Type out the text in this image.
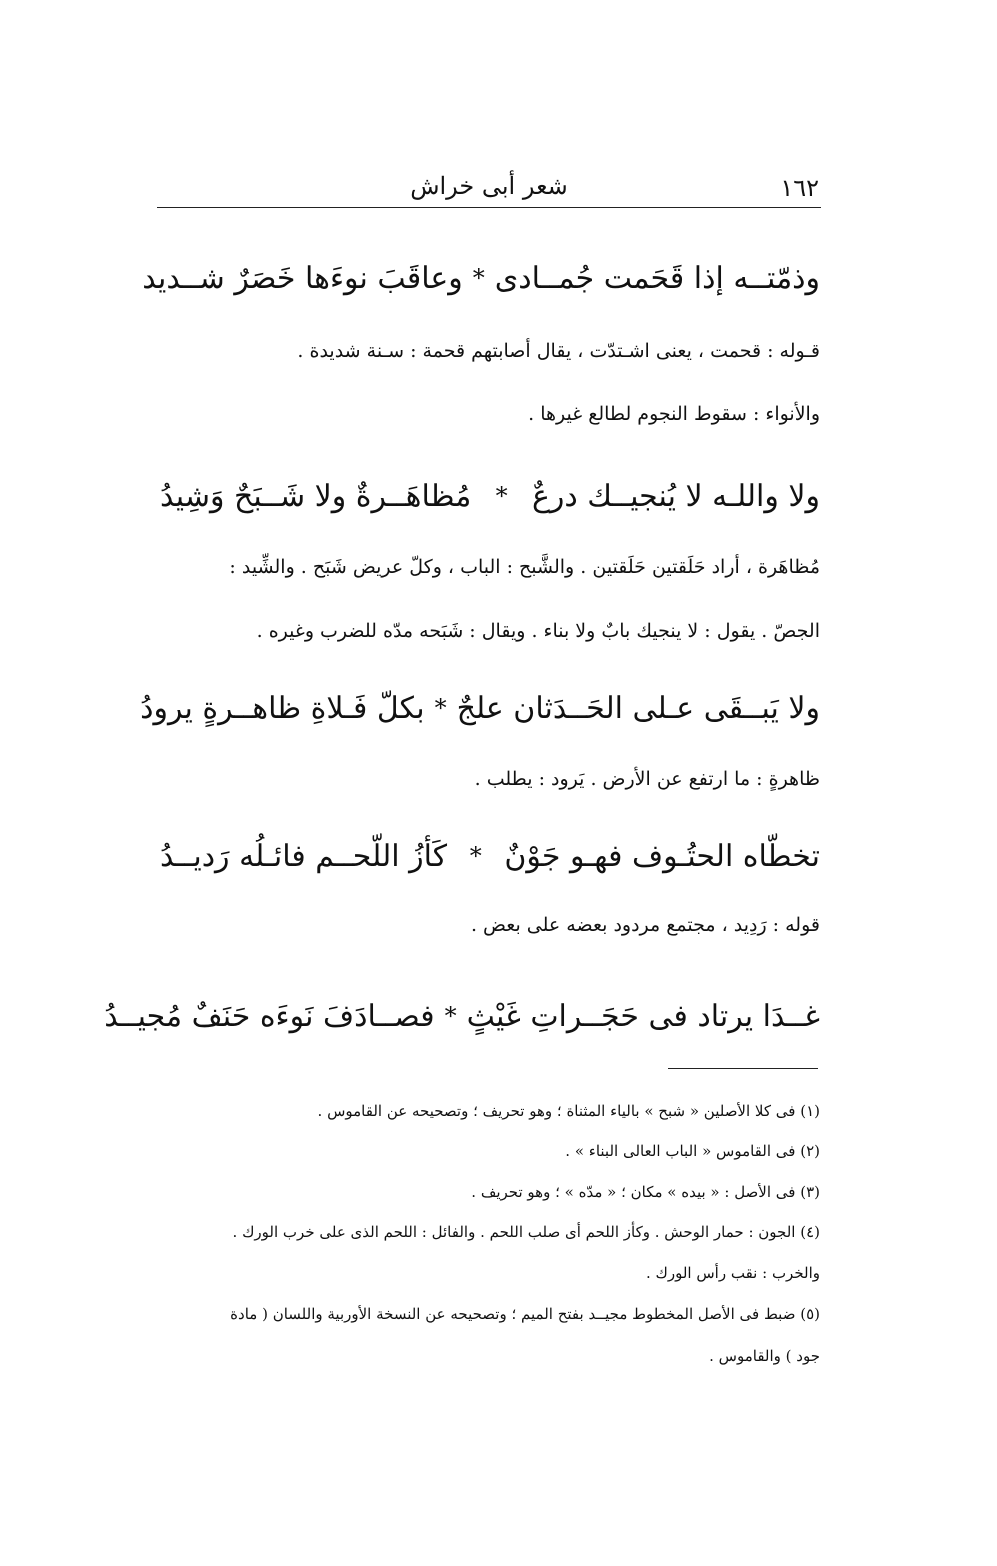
١٦٢
شعر أبى خراش
وذمّتــه إذا قَحَمت جُمــادى
*
وعاقَبَ نوءَها خَصَرٌ شــديد
قـوله : قحمت ، يعنى اشـتدّت ، يقال أصابتهم قحمة : سـنة شديدة .
والأنواء : سقوط النجوم لطالع غيرها .
ولا واللـه لا يُنجيــك درعٌ
*
مُظاهَــرةٌ ولا شَــبَحٌ وَشِيدُ
مُظاهَرة ، أراد حَلَقتين حَلَقتين . والشَّبح : الباب ، وكلّ عريض شَبَح . والشِّيد :
الجصّ . يقول : لا ينجيك بابٌ ولا بناء . ويقال : شَبَحه مدّه للضرب وغيره .
ولا يَبــقَى عـلى الحَــدَثان علجٌ
*
بكلّ فَـلاةِ ظاهــرةٍ يرودُ
ظاهرةٍ : ما ارتفع عن الأرض . يَرود : يطلب .
تخطّاه الحتُـوف فهـو جَوْنٌ
*
كَأزُ اللّحــم فائـلُه رَديــدُ
قوله : رَدِيد ، مجتمع مردود بعضه على بعض .
غــدَا يرتاد فى حَجَــراتِ غَيْثٍ
*
فصــادَفَ نَوءَه حَنَفٌ مُجيــدُ
(١) فى كلا الأصلين « شبح » بالياء المثناة ؛ وهو تحريف ؛ وتصحيحه عن القاموس .
(٢) فى القاموس « الباب العالى البناء » .
(٣) فى الأصل : « بيده » مكان ؛ « مدّه » ؛ وهو تحريف .
(٤) الجون : حمار الوحش . وكأز اللحم أى صلب اللحم . والفائل : اللحم الذى على خرب الورك .
والخرب : نقب رأس الورك .
(٥) ضبط فى الأصل المخطوط مجيــد بفتح الميم ؛ وتصحيحه عن النسخة الأوربية واللسان ( مادة
جود ) والقاموس .
